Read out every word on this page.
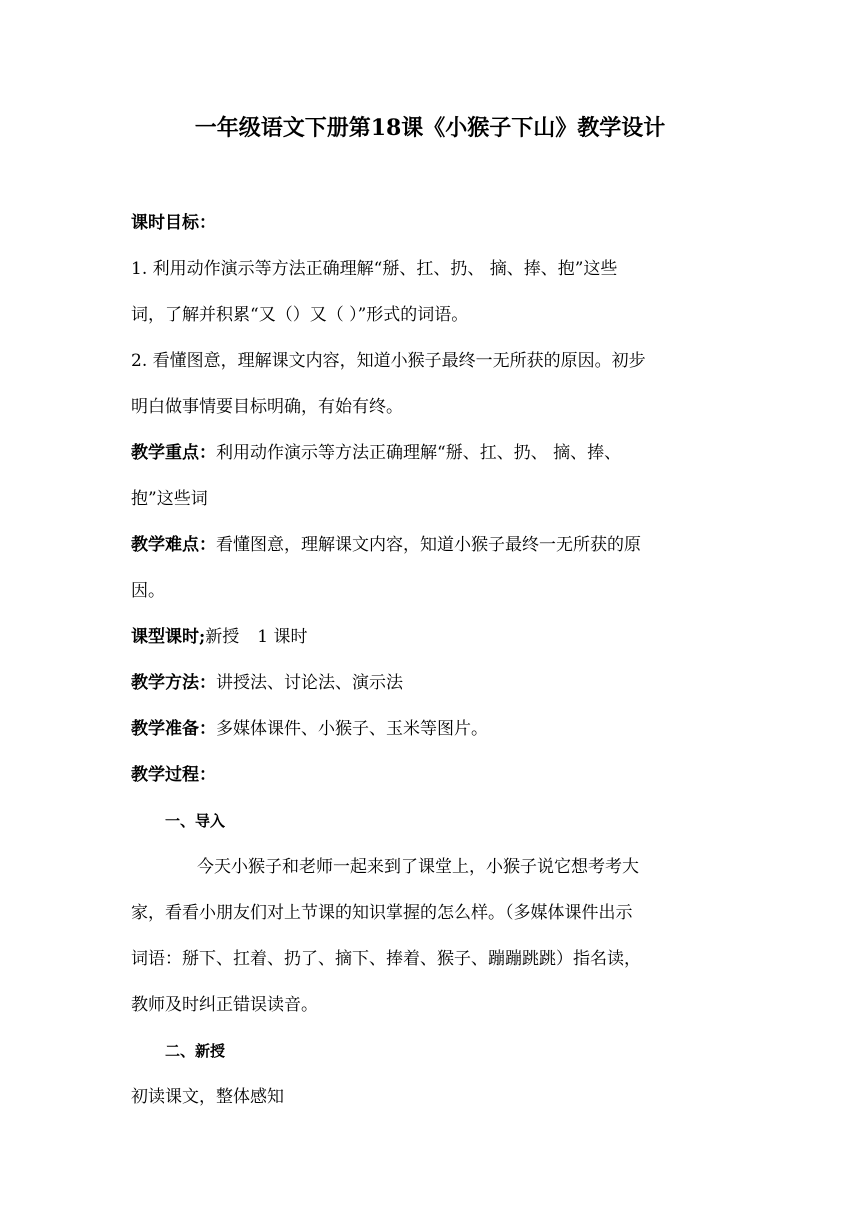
一年级语文下册第18课《小猴子下山》教学设计

课时目标：

1. 利用动作演示等方法正确理解“掰、扛、扔、 摘、捧、抱”这些

词，了解并积累“又（）又（ ）”形式的词语。

2. 看懂图意，理解课文内容，知道小猴子最终一无所获的原因。初步

明白做事情要目标明确，有始有终。

教学重点：利用动作演示等方法正确理解“掰、扛、扔、 摘、捧、

抱”这些词

教学难点：看懂图意，理解课文内容，知道小猴子最终一无所获的原

因。

课型课时;新授 1 课时

教学方法：讲授法、讨论法、演示法

教学准备：多媒体课件、小猴子、玉米等图片。

教学过程：

一、导入

今天小猴子和老师一起来到了课堂上，小猴子说它想考考大

家，看看小朋友们对上节课的知识掌握的怎么样。（多媒体课件出示

词语：掰下、扛着、扔了、摘下、捧着、猴子、蹦蹦跳跳）指名读，

教师及时纠正错误读音。

二、新授

初读课文，整体感知
